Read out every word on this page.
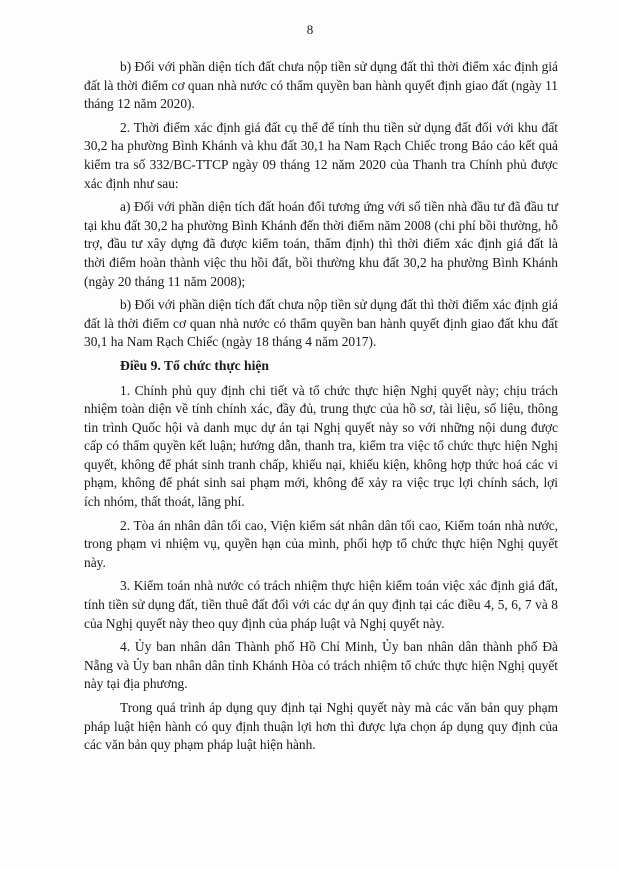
8

b) Đối với phần diện tích đất chưa nộp tiền sử dụng đất thì thời điểm xác định giá đất là thời điểm cơ quan nhà nước có thẩm quyền ban hành quyết định giao đất (ngày 11 tháng 12 năm 2020).

2. Thời điểm xác định giá đất cụ thể để tính thu tiền sử dụng đất đối với khu đất 30,2 ha phường Bình Khánh và khu đất 30,1 ha Nam Rạch Chiếc trong Báo cáo kết quả kiểm tra số 332/BC-TTCP ngày 09 tháng 12 năm 2020 của Thanh tra Chính phủ được xác định như sau:

a) Đối với phần diện tích đất hoán đổi tương ứng với số tiền nhà đầu tư đã đầu tư tại khu đất 30,2 ha phường Bình Khánh đến thời điểm năm 2008 (chi phí bồi thường, hỗ trợ, đầu tư xây dựng đã được kiểm toán, thẩm định) thì thời điểm xác định giá đất là thời điểm hoàn thành việc thu hồi đất, bồi thường khu đất 30,2 ha phường Bình Khánh (ngày 20 tháng 11 năm 2008);

b) Đối với phần diện tích đất chưa nộp tiền sử dụng đất thì thời điểm xác định giá đất là thời điểm cơ quan nhà nước có thẩm quyền ban hành quyết định giao đất khu đất 30,1 ha Nam Rạch Chiếc (ngày 18 tháng 4 năm 2017).

Điều 9. Tổ chức thực hiện

1. Chính phủ quy định chi tiết và tổ chức thực hiện Nghị quyết này; chịu trách nhiệm toàn diện về tính chính xác, đầy đủ, trung thực của hồ sơ, tài liệu, số liệu, thông tin trình Quốc hội và danh mục dự án tại Nghị quyết này so với những nội dung được cấp có thẩm quyền kết luận; hướng dẫn, thanh tra, kiểm tra việc tổ chức thực hiện Nghị quyết, không để phát sinh tranh chấp, khiếu nại, khiếu kiện, không hợp thức hoá các vi phạm, không để phát sinh sai phạm mới, không để xảy ra việc trục lợi chính sách, lợi ích nhóm, thất thoát, lãng phí.

2. Tòa án nhân dân tối cao, Viện kiểm sát nhân dân tối cao, Kiểm toán nhà nước, trong phạm vi nhiệm vụ, quyền hạn của mình, phối hợp tổ chức thực hiện Nghị quyết này.

3. Kiểm toán nhà nước có trách nhiệm thực hiện kiểm toán việc xác định giá đất, tính tiền sử dụng đất, tiền thuê đất đối với các dự án quy định tại các điều 4, 5, 6, 7 và 8 của Nghị quyết này theo quy định của pháp luật và Nghị quyết này.

4. Ủy ban nhân dân Thành phố Hồ Chí Minh, Ủy ban nhân dân thành phố Đà Nẵng và Ủy ban nhân dân tỉnh Khánh Hòa có trách nhiệm tổ chức thực hiện Nghị quyết này tại địa phương.

Trong quá trình áp dụng quy định tại Nghị quyết này mà các văn bản quy phạm pháp luật hiện hành có quy định thuận lợi hơn thì được lựa chọn áp dụng quy định của các văn bản quy phạm pháp luật hiện hành.
